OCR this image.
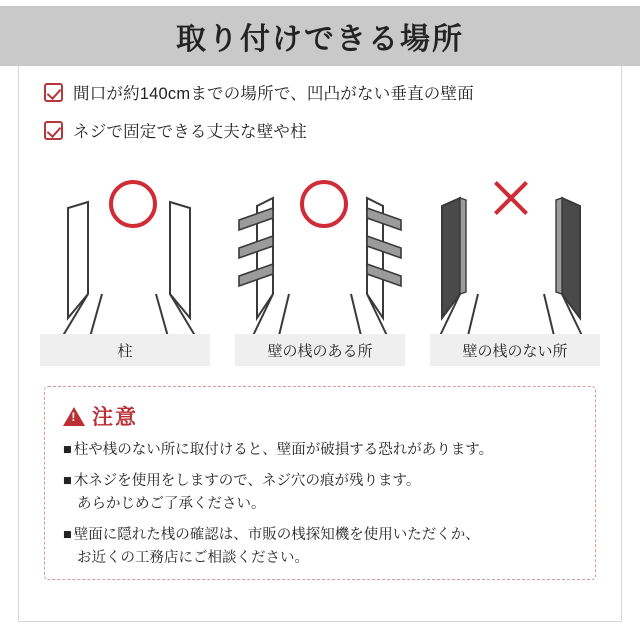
取り付けできる場所
間口が約140cmまでの場所で、凹凸がない垂直の壁面
ネジで固定できる丈夫な壁や柱
柱	壁の桟のある所	壁の桟のない所
!
注意
■ 柱や桟のない所に取付けると、壁面が破損する恐れがあります。
■ 木ネジを使用をしますので、ネジ穴の痕が残ります。
あらかじめご了承ください。
■ 壁面に隠れた桟の確認は、市販の桟探知機を使用いただくか、
お近くの工務店にご相談ください。
